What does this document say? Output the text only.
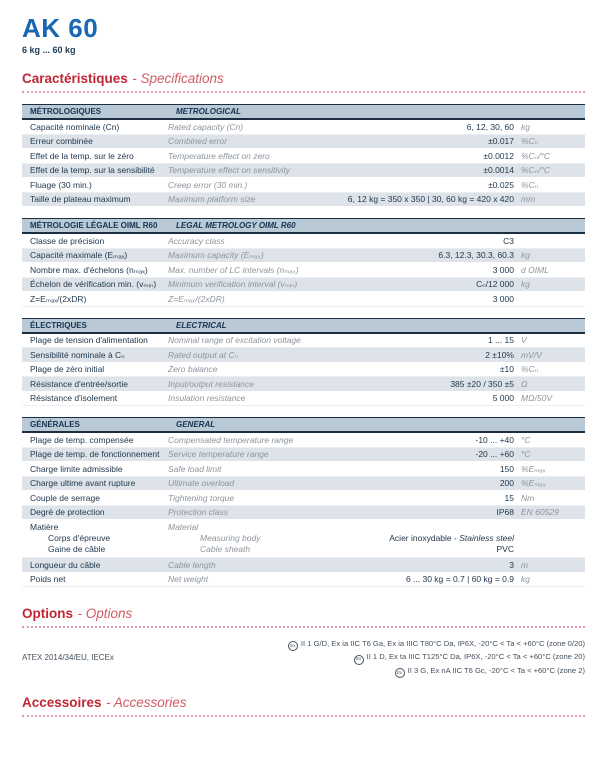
AK 60
6 kg ... 60 kg
Caractéristiques - Specifications
MÉTROLOGIQUES	METROLOGICAL
Capacité nominale (Cn)	Rated capacity (Cn)	6, 12, 30, 60 kg
Erreur combinée	Combined error	±0.017 %Cₙ
Effet de la temp. sur le zéro	Temperature effect on zero	±0.0012 %Cₙ/°C
Effet de la temp. sur la sensibilité	Temperature effect on sensitivity	±0.0014 %Cₙ/°C
Fluage (30 min.)	Creep error (30 min.)	±0.025 %Cₙ
Taille de plateau maximum	Maximum platform size	6, 12 kg = 350 x 350 | 30, 60 kg = 420 x 420 mm
MÉTROLOGIE LÉGALE OIML R60	LEGAL METROLOGY OIML R60
Classe de précision	Accuracy class	C3
Capacité maximale (Eₘₐₓ)	Maximum capacity (Eₘₐₓ)	6.3, 12.3, 30.3, 60.3 kg
Nombre max. d'échelons (nₘₐₓ)	Max. number of LC intervals (nₘₐₓ)	3 000 d OIML
Échelon de vérification min. (vₘᵢₙ)	Minimum verification interval (vₘᵢₙ)	Cₙ/12 000 kg
Z=Eₘₐₓ/(2xDR)	Z=Eₘₐₓ/(2xDR)	3 000
ÉLECTRIQUES	ELECTRICAL
Plage de tension d'alimentation	Nominal range of excitation voltage	1 ... 15 V
Sensibilité nominale à Cₙ	Rated output at Cₙ	2 ±10% mV/V
Plage de zéro initial	Zero balance	±10 %Cₙ
Résistance d'entrée/sortie	Input/output resistance	385 ±20 / 350 ±5 Ω
Résistance d'isolement	Insulation resistance	5 000 MΩ/50V
GÉNÉRALES	GENERAL
Plage de temp. compensée	Compensated temperature range	-10 ... +40 °C
Plage de temp. de fonctionnement	Service temperature range	-20 ... +60 °C
Charge limite admissible	Safe load limit	150 %Eₘₐₓ
Charge ultime avant rupture	Ultimate overload	200 %Eₘₐₓ
Couple de serrage	Tightening torque	15 Nm
Degré de protection	Protection class	IP68 EN 60529
Matière	Material
Corps d'épreuve	Measuring body	Acier inoxydable - Stainless steel
Gaine de câble	Cable sheath	PVC
Longueur du câble	Cable length	3 m
Poids net	Net weight	6 ... 30 kg = 0.7 | 60 kg = 0.9 kg
Options - Options
ATEX 2014/34/EU, IECEx
Ex II 1 G/D, Ex ia IIC T6 Ga, Ex ia IIIC T80°C Da, IP6X, -20°C < Ta < +60°C (zone 0/20)
Ex II 1 D, Ex ta IIIC T125°C Da, IP6X, -20°C < Ta < +60°C (zone 20)
Ex II 3 G, Ex nA IIC T6 Gc, -20°C < Ta < +60°C (zone 2)
Accessoires - Accessories
